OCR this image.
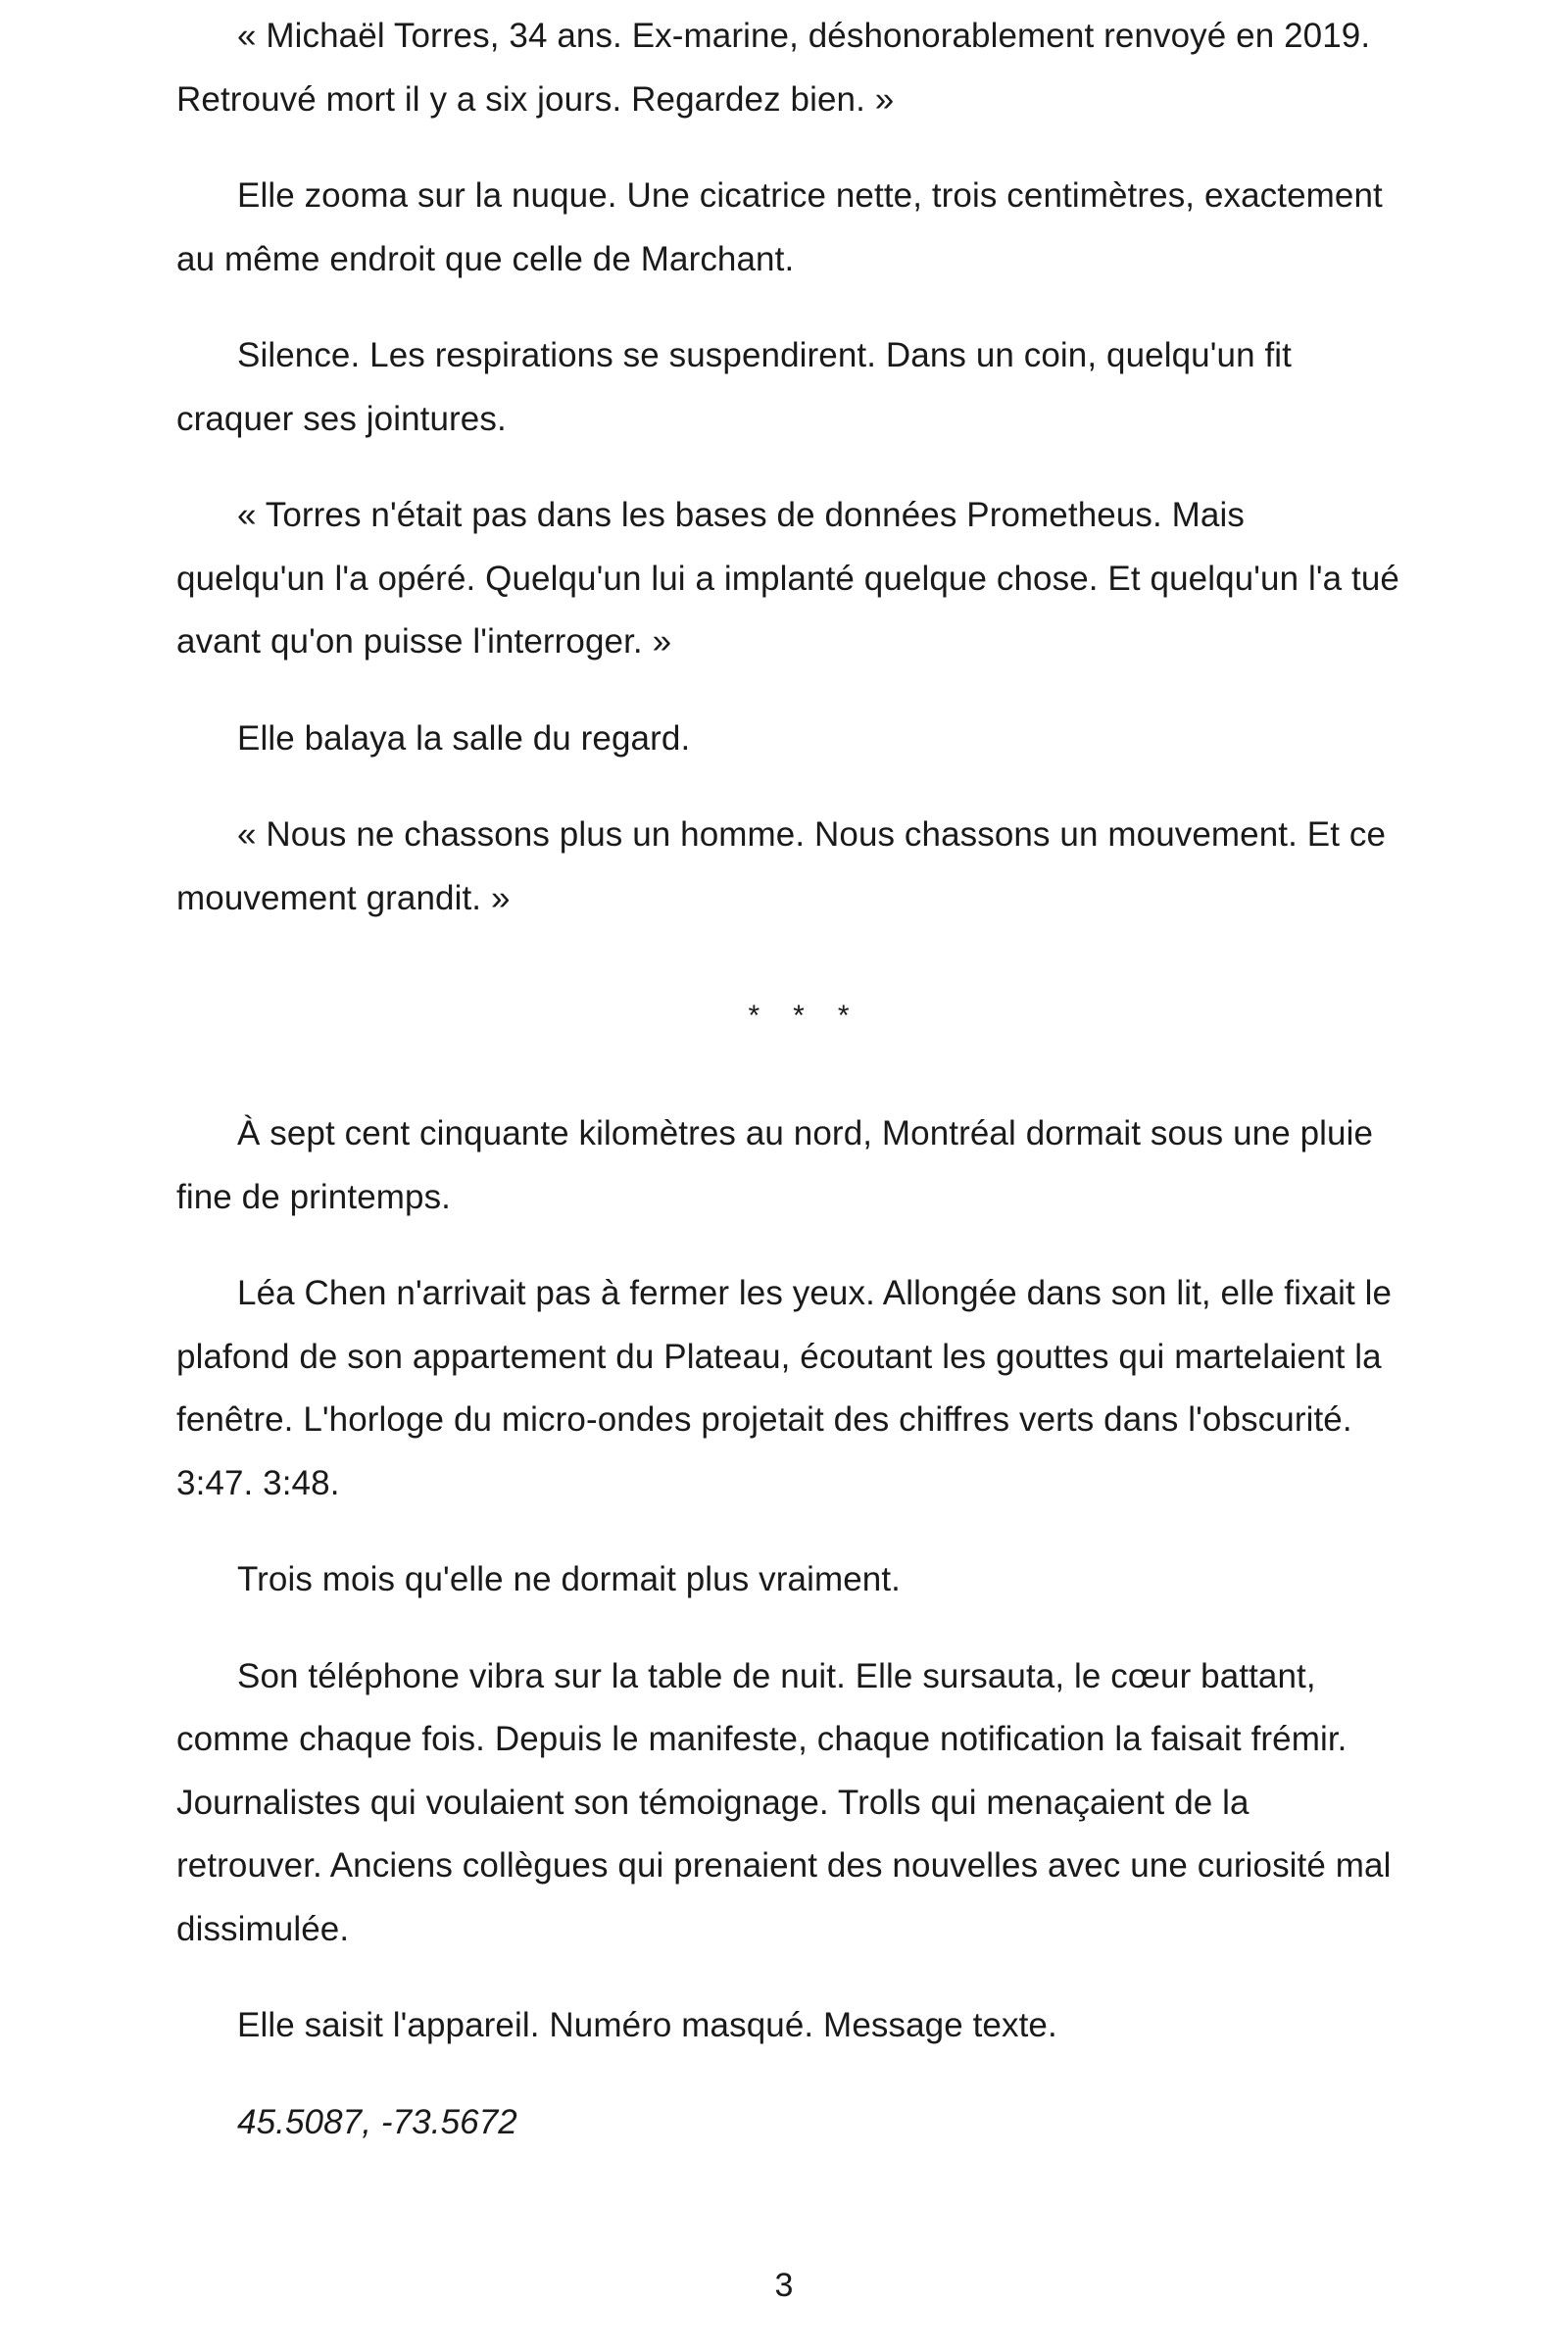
« Michaël Torres, 34 ans. Ex-marine, déshonorablement renvoyé en 2019. Retrouvé mort il y a six jours. Regardez bien. »

Elle zooma sur la nuque. Une cicatrice nette, trois centimètres, exactement au même endroit que celle de Marchant.

Silence. Les respirations se suspendirent. Dans un coin, quelqu'un fit craquer ses jointures.

« Torres n'était pas dans les bases de données Prometheus. Mais quelqu'un l'a opéré. Quelqu'un lui a implanté quelque chose. Et quelqu'un l'a tué avant qu'on puisse l'interroger. »

Elle balaya la salle du regard.

« Nous ne chassons plus un homme. Nous chassons un mouvement. Et ce mouvement grandit. »

* * *

À sept cent cinquante kilomètres au nord, Montréal dormait sous une pluie fine de printemps.

Léa Chen n'arrivait pas à fermer les yeux. Allongée dans son lit, elle fixait le plafond de son appartement du Plateau, écoutant les gouttes qui martelaient la fenêtre. L'horloge du micro-ondes projetait des chiffres verts dans l'obscurité. 3:47. 3:48.

Trois mois qu'elle ne dormait plus vraiment.

Son téléphone vibra sur la table de nuit. Elle sursauta, le cœur battant, comme chaque fois. Depuis le manifeste, chaque notification la faisait frémir. Journalistes qui voulaient son témoignage. Trolls qui menaçaient de la retrouver. Anciens collègues qui prenaient des nouvelles avec une curiosité mal dissimulée.

Elle saisit l'appareil. Numéro masqué. Message texte.

45.5087, -73.5672

3
